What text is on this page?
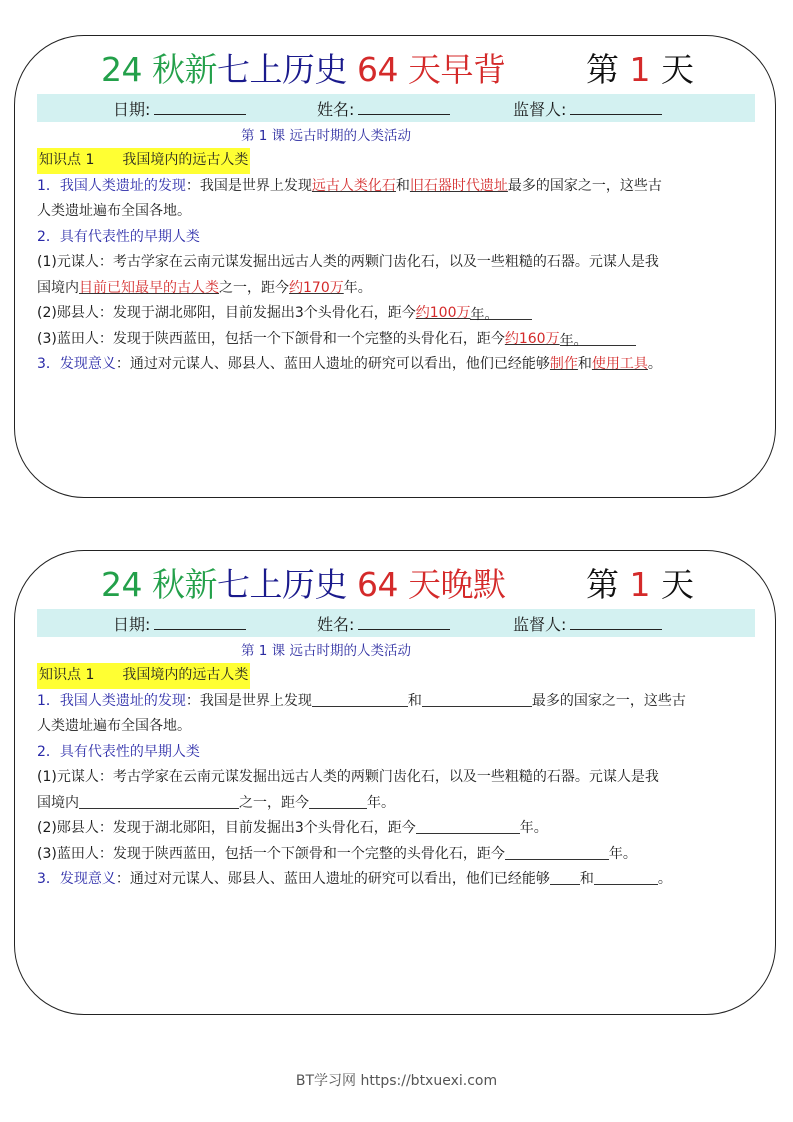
24 秋新七上历史 64 天早背 第 1 天
日期:	姓名:	监督人:
第 1 课 远古时期的人类活动
知识点 1 我国境内的远古人类
1．我国人类遗址的发现：我国是世界上发现远古人类化石和旧石器时代遗址最多的国家之一，这些古
人类遗址遍布全国各地。
2．具有代表性的早期人类
(1)元谋人：考古学家在云南元谋发掘出远古人类的两颗门齿化石，以及一些粗糙的石器。元谋人是我
国境内目前已知最早的古人类之一，距今约170万年。
(2)郧县人：发现于湖北郧阳，目前发掘出3个头骨化石，距今约100万年。
(3)蓝田人：发现于陕西蓝田，包括一个下颌骨和一个完整的头骨化石，距今约160万年。
3．发现意义：通过对元谋人、郧县人、蓝田人遗址的研究可以看出，他们已经能够制作和使用工具。
24 秋新七上历史 64 天晚默 第 1 天
日期:	姓名:	监督人:
第 1 课 远古时期的人类活动
知识点 1 我国境内的远古人类
1．我国人类遗址的发现：我国是世界上发现	和	最多的国家之一，这些古
人类遗址遍布全国各地。
2．具有代表性的早期人类
(1)元谋人：考古学家在云南元谋发掘出远古人类的两颗门齿化石，以及一些粗糙的石器。元谋人是我
国境内	之一，距今	年。
(2)郧县人：发现于湖北郧阳，目前发掘出3个头骨化石，距今	年。
(3)蓝田人：发现于陕西蓝田，包括一个下颌骨和一个完整的头骨化石，距今	年。
3．发现意义：通过对元谋人、郧县人、蓝田人遗址的研究可以看出，他们已经能够 和	。
BT学习网 https://btxuexi.com
